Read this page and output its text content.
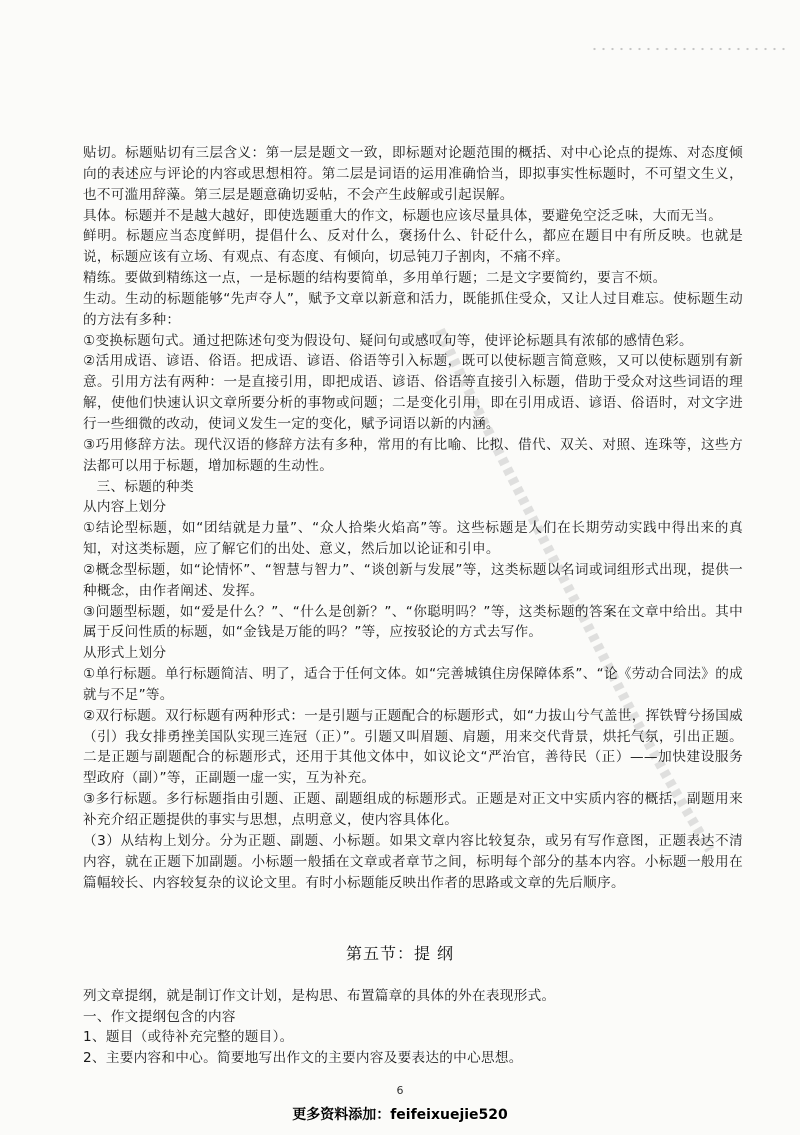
贴切。标题贴切有三层含义：第一层是题文一致，即标题对论题范围的概括、对中心论点的提炼、对态度倾向的表述应与评论的内容或思想相符。第二层是词语的运用准确恰当，即拟事实性标题时，不可望文生义，也不可滥用辞藻。第三层是题意确切妥帖，不会产生歧解或引起误解。

具体。标题并不是越大越好，即使选题重大的作文，标题也应该尽量具体，要避免空泛乏味，大而无当。

鲜明。标题应当态度鲜明，提倡什么、反对什么，褒扬什么、针砭什么，都应在题目中有所反映。也就是说，标题应该有立场、有观点、有态度、有倾向，切忌钝刀子割肉，不痛不痒。

精练。要做到精练这一点，一是标题的结构要简单，多用单行题；二是文字要简约，要言不烦。

生动。生动的标题能够“先声夺人”，赋予文章以新意和活力，既能抓住受众，又让人过目难忘。使标题生动的方法有多种：

①变换标题句式。通过把陈述句变为假设句、疑问句或感叹句等，使评论标题具有浓郁的感情色彩。

②活用成语、谚语、俗语。把成语、谚语、俗语等引入标题，既可以使标题言简意赅，又可以使标题别有新意。引用方法有两种：一是直接引用，即把成语、谚语、俗语等直接引入标题，借助于受众对这些词语的理解，使他们快速认识文章所要分析的事物或问题；二是变化引用，即在引用成语、谚语、俗语时，对文字进行一些细微的改动，使词义发生一定的变化，赋予词语以新的内涵。

③巧用修辞方法。现代汉语的修辞方法有多种，常用的有比喻、比拟、借代、双关、对照、连珠等，这些方法都可以用于标题，增加标题的生动性。

三、标题的种类

从内容上划分

①结论型标题，如“团结就是力量”、“众人拾柴火焰高”等。这些标题是人们在长期劳动实践中得出来的真知，对这类标题，应了解它们的出处、意义，然后加以论证和引申。

②概念型标题，如“论情怀”、“智慧与智力”、“谈创新与发展”等，这类标题以名词或词组形式出现，提供一种概念，由作者阐述、发挥。

③问题型标题，如“爱是什么？”、“什么是创新？”、“你聪明吗？”等，这类标题的答案在文章中给出。其中属于反问性质的标题，如“金钱是万能的吗？”等，应按驳论的方式去写作。

从形式上划分

①单行标题。单行标题简洁、明了，适合于任何文体。如“完善城镇住房保障体系”、“论《劳动合同法》的成就与不足”等。

②双行标题。双行标题有两种形式：一是引题与正题配合的标题形式，如“力拔山兮气盖世，挥铁臂兮扬国威（引）我女排勇挫美国队实现三连冠（正）”。引题又叫眉题、肩题，用来交代背景，烘托气氛，引出正题。二是正题与副题配合的标题形式，还用于其他文体中，如议论文“严治官，善待民（正）——加快建设服务型政府（副）”等，正副题一虚一实，互为补充。

③多行标题。多行标题指由引题、正题、副题组成的标题形式。正题是对正文中实质内容的概括，副题用来补充介绍正题提供的事实与思想，点明意义，使内容具体化。

（3）从结构上划分。分为正题、副题、小标题。如果文章内容比较复杂，或另有写作意图，正题表达不清内容，就在正题下加副题。小标题一般插在文章或者章节之间，标明每个部分的基本内容。小标题一般用在篇幅较长、内容较复杂的议论文里。有时小标题能反映出作者的思路或文章的先后顺序。

第五节：提 纲

列文章提纲，就是制订作文计划，是构思、布置篇章的具体的外在表现形式。

一、作文提纲包含的内容

1、题目（或待补充完整的题目）。

2、主要内容和中心。简要地写出作文的主要内容及要表达的中心思想。

6
更多资料添加：feifeixuejie520
